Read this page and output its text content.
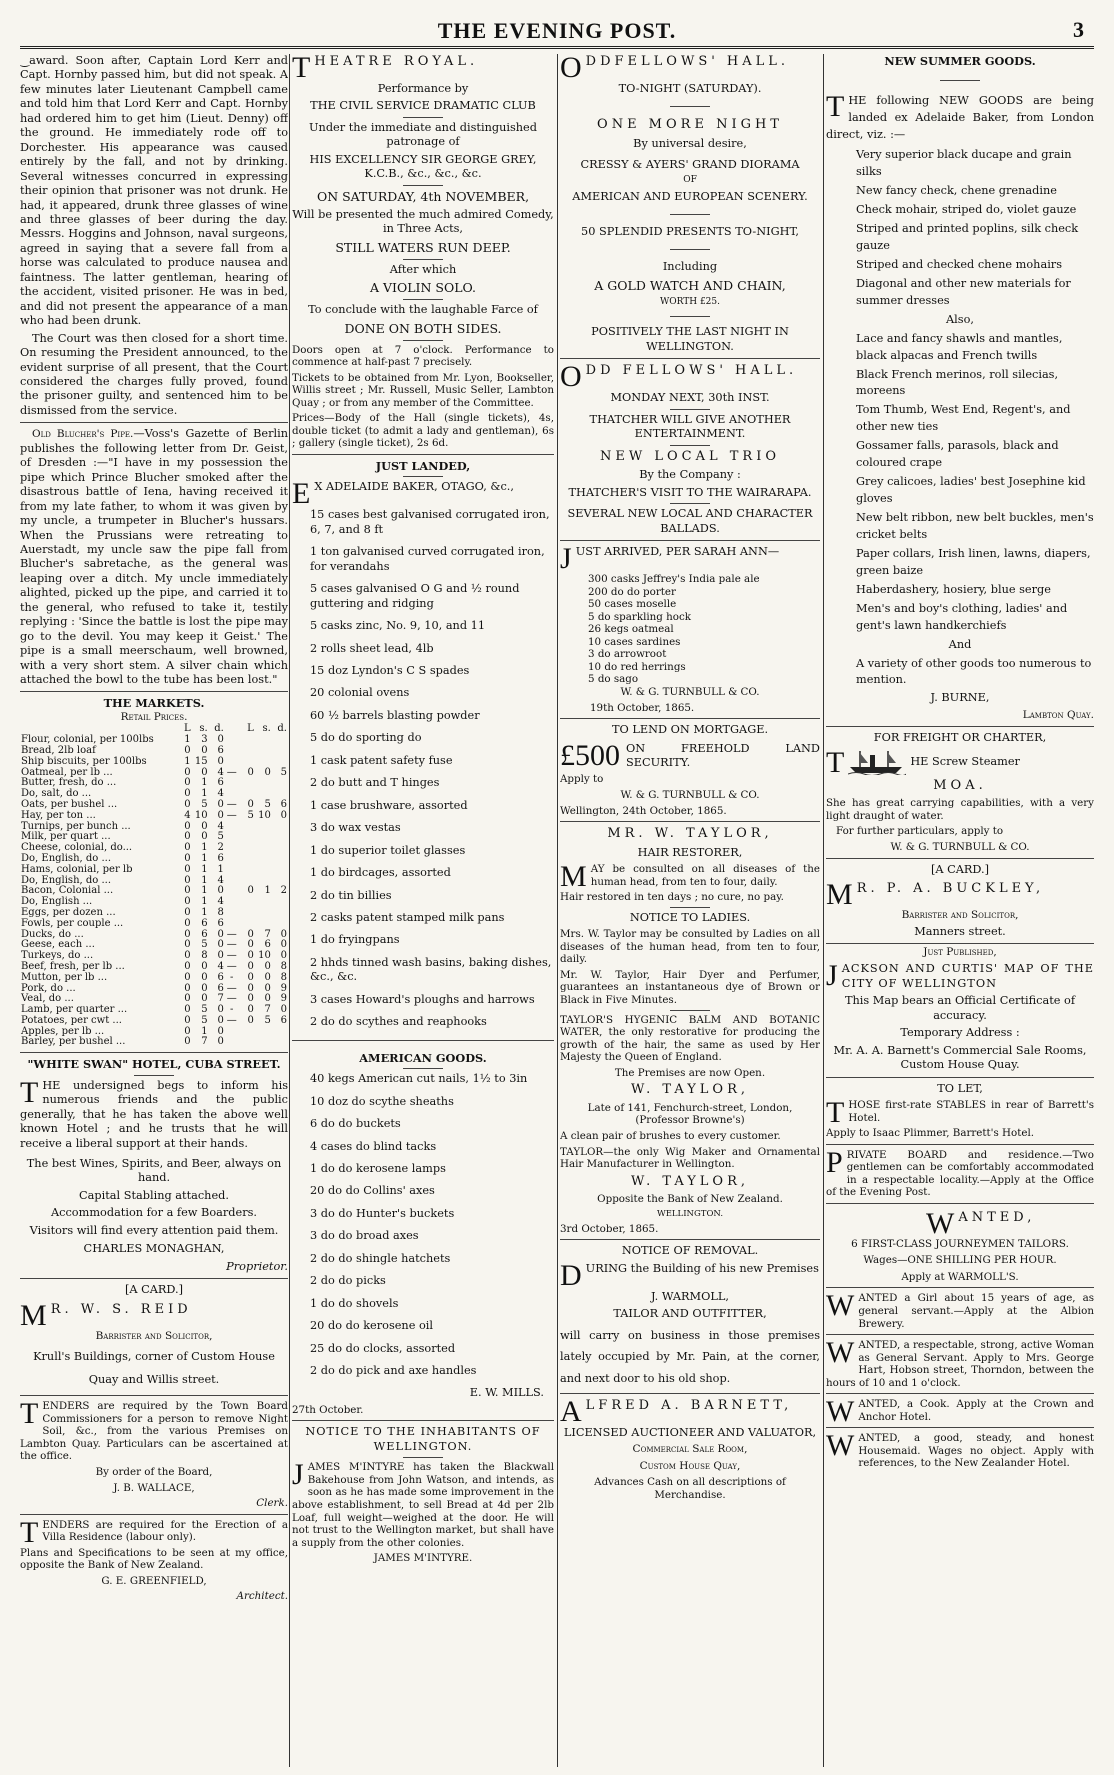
THE EVENING POST.	3

‿award. Soon after, Captain Lord Kerr and Capt. Hornby passed him, but did not speak. A few minutes later Lieutenant Campbell came and told him that Lord Kerr and Capt. Hornby had ordered him to get him (Lieut. Denny) off the ground. He immediately rode off to Dorchester. His appearance was caused entirely by the fall, and not by drinking. Several witnesses concurred in expressing their opinion that prisoner was not drunk. He had, it appeared, drunk three glasses of wine and three glasses of beer during the day. Messrs. Hoggins and Johnson, naval surgeons, agreed in saying that a severe fall from a horse was calculated to produce nausea and faintness. The latter gentleman, hearing of the accident, visited prisoner. He was in bed, and did not present the appearance of a man who had been drunk.

The Court was then closed for a short time. On resuming the President announced, to the evident surprise of all present, that the Court considered the charges fully proved, found the prisoner guilty, and sentenced him to be dismissed from the service.

Old Blucher's Pipe.—Voss's Gazette of Berlin publishes the following letter from Dr. Geist, of Dresden :—"I have in my possession the pipe which Prince Blucher smoked after the disastrous battle of Iena, having received it from my late father, to whom it was given by my uncle, a trumpeter in Blucher's hussars. When the Prussians were retreating to Auerstadt, my uncle saw the pipe fall from Blucher's sabretache, as the general was leaping over a ditch. My uncle immediately alighted, picked up the pipe, and carried it to the general, who refused to take it, testily replying : 'Since the battle is lost the pipe may go to the devil. You may keep it Geist.' The pipe is a small meerschaum, well browned, with a very short stem. A silver chain which attached the bowl to the tube has been lost."

THE MARKETS.
Retail Prices.
	L	s.	d.		L	s.	d.
Flour, colonial, per 100lbs	1	3	0				
Bread, 2lb loaf	0	0	6				
Ship biscuits, per 100lbs	1	15	0				
Oatmeal, per lb ...	0	0	4	—	0	0	5
Butter, fresh, do ...	0	1	6				
Do, salt, do ...	0	1	4				
Oats, per bushel ...	0	5	0	—	0	5	6
Hay, per ton ...	4	10	0	—	5	10	0
Turnips, per bunch ...	0	0	4				
Milk, per quart ...	0	0	5				
Cheese, colonial, do...	0	1	2				
Do, English, do ...	0	1	6				
Hams, colonial, per lb	0	1	1				
Do, English, do ...	0	1	4				
Bacon, Colonial ...	0	1	0		0	1	2
Do, English ...	0	1	4				
Eggs, per dozen ...	0	1	8				
Fowls, per couple ...	0	6	6				
Ducks, do ...	0	6	0	—	0	7	0
Geese, each ...	0	5	0	—	0	6	0
Turkeys, do ...	0	8	0	—	0	10	0
Beef, fresh, per lb ...	0	0	4	—	0	0	8
Mutton, per lb ...	0	0	6	-	0	0	8
Pork, do ...	0	0	6	—	0	0	9
Veal, do ...	0	0	7	—	0	0	9
Lamb, per quarter ...	0	5	0	-	0	7	0
Potatoes, per cwt ...	0	5	0	—	0	5	6
Apples, per lb ...	0	1	0				
Barley, per bushel ...	0	7	0				
"WHITE SWAN" HOTEL, CUBA STREET.

THE undersigned begs to inform his numerous friends and the public generally, that he has taken the above well known Hotel ; and he trusts that he will receive a liberal support at their hands.

The best Wines, Spirits, and Beer, always on hand.

Capital Stabling attached.

Accommodation for a few Boarders.

Visitors will find every attention paid them.

CHARLES MONAGHAN,

Proprietor.

[A CARD.]

M R. W. S. REID

Barrister and Solicitor,

Krull's Buildings, corner of Custom House Quay and Willis street.

TENDERS are required by the Town Board Commissioners for a person to remove Night Soil, &c., from the various Premises on Lambton Quay. Particulars can be ascertained at the office.

By order of the Board,

J. B. WALLACE,

Clerk.

TENDERS are required for the Erection of a Villa Residence (labour only).

Plans and Specifications to be seen at my office, opposite the Bank of New Zealand.

G. E. GREENFIELD,

Architect.

THEATRE ROYAL.

Performance by

THE CIVIL SERVICE DRAMATIC CLUB

Under the immediate and distinguished patronage of

HIS EXCELLENCY SIR GEORGE GREY, K.C.B., &c., &c., &c.

ON SATURDAY, 4th NOVEMBER,

Will be presented the much admired Comedy, in Three Acts,

STILL WATERS RUN DEEP.

After which

A VIOLIN SOLO.

To conclude with the laughable Farce of

DONE ON BOTH SIDES.

Doors open at 7 o'clock. Performance to commence at half-past 7 precisely.

Tickets to be obtained from Mr. Lyon, Bookseller, Willis street ; Mr. Russell, Music Seller, Lambton Quay ; or from any member of the Committee.

Prices—Body of the Hall (single tickets), 4s, double ticket (to admit a lady and gentleman), 6s ; gallery (single ticket), 2s 6d.

JUST LANDED,

E X ADELAIDE BAKER, OTAGO, &c.,

15 cases best galvanised corrugated iron, 6, 7, and 8 ft
1 ton galvanised curved corrugated iron, for verandahs
5 cases galvanised O G and ½ round guttering and ridging
5 casks zinc, No. 9, 10, and 11
2 rolls sheet lead, 4lb
15 doz Lyndon's C S spades
20 colonial ovens
60 ½ barrels blasting powder
5 do do sporting do
1 cask patent safety fuse
2 do butt and T hinges
1 case brushware, assorted
3 do wax vestas
1 do superior toilet glasses
1 do birdcages, assorted
2 do tin billies
2 casks patent stamped milk pans
1 do fryingpans
2 hhds tinned wash basins, baking dishes, &c., &c.
3 cases Howard's ploughs and harrows
2 do do scythes and reaphooks
AMERICAN GOODS.
40 kegs American cut nails, 1½ to 3in
10 doz do scythe sheaths
6 do do buckets
4 cases do blind tacks
1 do do kerosene lamps
20 do do Collins' axes
3 do do Hunter's buckets
3 do do broad axes
2 do do shingle hatchets
2 do do picks
1 do do shovels
20 do do kerosene oil
25 do do clocks, assorted
2 do do pick and axe handles

E. W. MILLS.

27th October.

NOTICE TO THE INHABITANTS OF WELLINGTON.

JAMES M'INTYRE has taken the Blackwall Bakehouse from John Watson, and intends, as soon as he has made some improvement in the above establishment, to sell Bread at 4d per 2lb Loaf, full weight—weighed at the door. He will not trust to the Wellington market, but shall have a supply from the other colonies.

JAMES M'INTYRE.

ODDFELLOWS' HALL.

TO-NIGHT (SATURDAY).

ONE MORE NIGHT

By universal desire,

CRESSY & AYERS' GRAND DIORAMA

OF

AMERICAN AND EUROPEAN SCENERY.

50 SPLENDID PRESENTS TO-NIGHT,

Including

A GOLD WATCH AND CHAIN,

WORTH £25.

POSITIVELY THE LAST NIGHT IN WELLINGTON.

ODD FELLOWS' HALL.

MONDAY NEXT, 30th INST.

THATCHER WILL GIVE ANOTHER ENTERTAINMENT.

NEW LOCAL TRIO

By the Company :

THATCHER'S VISIT TO THE WAIRARAPA.

SEVERAL NEW LOCAL AND CHARACTER BALLADS.

JUST ARRIVED, PER SARAH ANN—

300 casks Jeffrey's India pale ale
200 do do porter
50 cases moselle
5 do sparkling hock
26 kegs oatmeal
10 cases sardines
3 do arrowroot
10 do red herrings
5 do sago

W. & G. TURNBULL & CO.

19th October, 1865.

TO LEND ON MORTGAGE.

£500 ON FREEHOLD LAND SECURITY.

Apply to

W. & G. TURNBULL & CO.

Wellington, 24th October, 1865.

MR. W. TAYLOR,

HAIR RESTORER,

MAY be consulted on all diseases of the human head, from ten to four, daily.

Hair restored in ten days ; no cure, no pay.

NOTICE TO LADIES.

Mrs. W. Taylor may be consulted by Ladies on all diseases of the human head, from ten to four, daily.

Mr. W. Taylor, Hair Dyer and Perfumer, guarantees an instantaneous dye of Brown or Black in Five Minutes.

TAYLOR'S HYGENIC BALM AND BOTANIC WATER, the only restorative for producing the growth of the hair, the same as used by Her Majesty the Queen of England.

The Premises are now Open.

W. TAYLOR,

Late of 141, Fenchurch-street, London, (Professor Browne's)

A clean pair of brushes to every customer.

TAYLOR—the only Wig Maker and Ornamental Hair Manufacturer in Wellington.

W. TAYLOR,

Opposite the Bank of New Zealand.

WELLINGTON.

3rd October, 1865.

NOTICE OF REMOVAL.

DURING the Building of his new Premises

J. WARMOLL,

TAILOR AND OUTFITTER,

will carry on business in those premises lately occupied by Mr. Pain, at the corner, and next door to his old shop.

ALFRED A. BARNETT,

LICENSED AUCTIONEER AND VALUATOR,

Commercial Sale Room,

Custom House Quay,

Advances Cash on all descriptions of Merchandise.

NEW SUMMER GOODS.

THE following NEW GOODS are being landed ex Adelaide Baker, from London direct, viz. :—

Very superior black ducape and grain silks
New fancy check, chene grenadine
Check mohair, striped do, violet gauze
Striped and printed poplins, silk check gauze
Striped and checked chene mohairs
Diagonal and other new materials for summer dresses
Also,
Lace and fancy shawls and mantles, black alpacas and French twills
Black French merinos, roll silecias, moreens
Tom Thumb, West End, Regent's, and other new ties
Gossamer falls, parasols, black and coloured crape
Grey calicoes, ladies' best Josephine kid gloves
New belt ribbon, new belt buckles, men's cricket belts
Paper collars, Irish linen, lawns, diapers, green baize
Haberdashery, hosiery, blue serge
Men's and boy's clothing, ladies' and gent's lawn handkerchiefs
And
A variety of other goods too numerous to mention.

J. BURNE,

Lambton Quay.

FOR FREIGHT OR CHARTER,

T	HE Screw Steamer

MOA.

She has great carrying capabilities, with a very light draught of water.

For further particulars, apply to

W. & G. TURNBULL & CO.

[A CARD.]

M R. P. A. BUCKLEY,

Barrister and Solicitor,

Manners street.

Just Published,

JACKSON AND CURTIS' MAP OF THE CITY OF WELLINGTON

This Map bears an Official Certificate of accuracy.

Temporary Address :

Mr. A. A. Barnett's Commercial Sale Rooms, Custom House Quay.

TO LET,

THOSE first-rate STABLES in rear of Barrett's Hotel.

Apply to Isaac Plimmer, Barrett's Hotel.

PRIVATE BOARD and residence.—Two gentlemen can be comfortably accommodated in a respectable locality.—Apply at the Office of the Evening Post.

WANTED,

6 FIRST-CLASS JOURNEYMEN TAILORS.

Wages—ONE SHILLING PER HOUR.

Apply at WARMOLL'S.

WANTED a Girl about 15 years of age, as general servant.—Apply at the Albion Brewery.

WANTED, a respectable, strong, active Woman as General Servant. Apply to Mrs. George Hart, Hobson street, Thorndon, between the hours of 10 and 1 o'clock.

WANTED, a Cook. Apply at the Crown and Anchor Hotel.

WANTED, a good, steady, and honest Housemaid. Wages no object. Apply with references, to the New Zealander Hotel.
